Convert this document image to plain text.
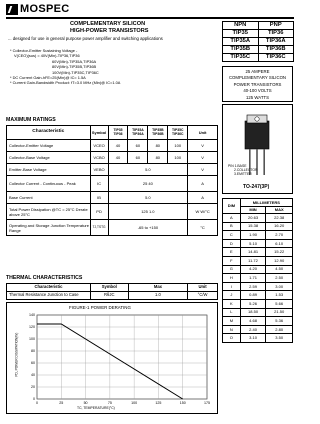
MOSPEC
COMPLEMENTARY SILICON
HIGH-POWER TRANSISTORS
... designed for use in general purpose power amplifier and switching applications
* Collector-Emitter Sustaining Voltage -
V(CEO)(sus) = 40V(Min)-TIP36,TIP36
60V(Min)-TIP35A,TIP36A
80V(Min)-TIP35B,TIP36B
100V(Min)-TIP35C,TIP36C
* DC Current Gain-hFE=25(Min)@ IC= 1.5A
* Current Gain-Bandwidth Product: fT=3.0 MHz (Min)@ IC=1.0A
NPN	PNP
TIP35	TIP36
TIP35A	TIP36A
TIP35B	TIP36B
TIP35C	TIP36C
25 AMPERE
COMPLEMENTARY SILICON
POWER TRANSISTORS
40-100 VOLTS
125 WATTS
TO-247(3P)
MAXIMUM RATINGS
Characteristic	Symbol	TIP35 TIP36	TIP35A TIP36A	TIP35B TIP36B	TIP35C TIP36C	Unit
Collector-Emitter Voltage	VCEO	40	60	80	100	V
Collector-Base Voltage	VCBO	40	60	80	100	V
Emitter-Base Voltage	VEBO	5.0				V
Collector Current - Continuous - Peak	IC	25 40				A
Base Current	IB	5.0				A
Total Power Dissipation @TC = 25°C Derate above 25°C	PD	125 1.0				W W/°C
Operating and Storage Junction Temperature Range	TJ,TSTG	-65 to +150				°C
THERMAL CHARACTERISTICS
Characteristic	Symbol	Max	Unit
Thermal Resistance Junction to Case	RθJC	1.0	°C/W
FIGURE-1 POWER DERATING
0	25	50	75	100	125	150	175
0
20
40
60
80
100
120
140
PD, POWER DISSIPATION(W)
TC, TEMPERATURE(°C)
DIM	MILLIMETERS	
	MIN	MAX
A	20.63	22.38
B	15.38	16.20
C	1.90	2.70
D	5.10	6.10
E	14.81	15.22
F	11.72	12.90
G	4.20	4.50
H	1.71	2.50
I	2.59	3.00
J	0.89	1.53
K	5.26	5.66
L	18.50	21.50
M	4.68	5.36
N	2.40	2.80
O	3.10	3.50
PIN 1.BASE
2.COLLECTOR
3.EMITTER
